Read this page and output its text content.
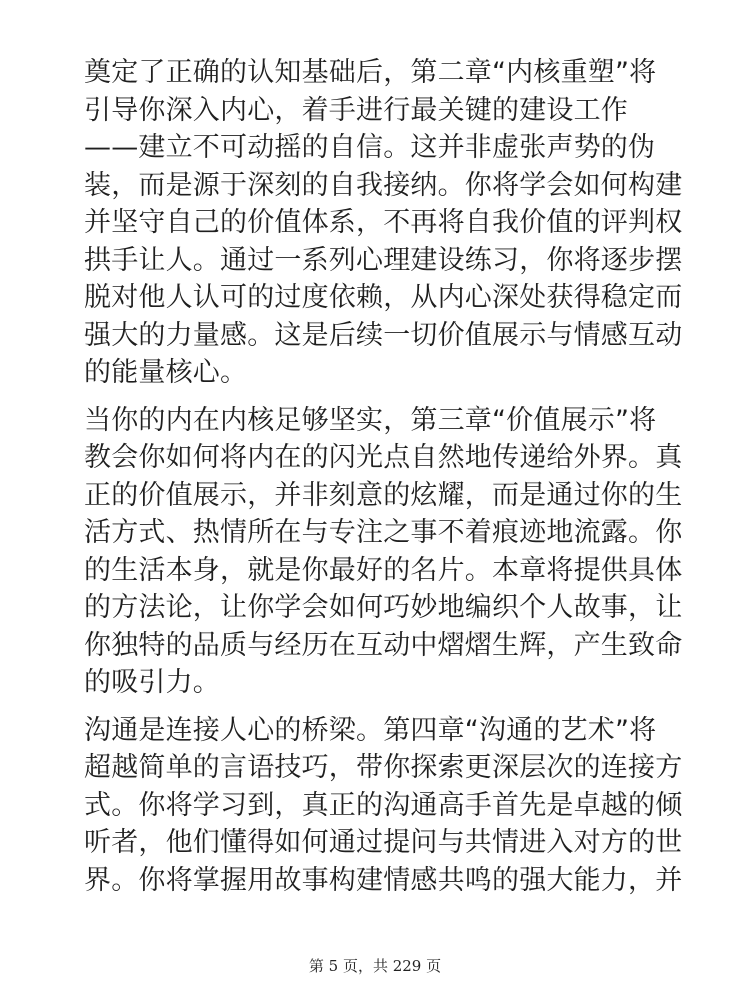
奠定了正确的认知基础后，第二章“内核重塑”将
引导你深入内心，着手进行最关键的建设工作
——建立不可动摇的自信。这并非虚张声势的伪
装，而是源于深刻的自我接纳。你将学会如何构建
并坚守自己的价值体系，不再将自我价值的评判权
拱手让人。通过一系列心理建设练习，你将逐步摆
脱对他人认可的过度依赖，从内心深处获得稳定而
强大的力量感。这是后续一切价值展示与情感互动
的能量核心。
当你的内在内核足够坚实，第三章“价值展示”将
教会你如何将内在的闪光点自然地传递给外界。真
正的价值展示，并非刻意的炫耀，而是通过你的生
活方式、热情所在与专注之事不着痕迹地流露。你
的生活本身，就是你最好的名片。本章将提供具体
的方法论，让你学会如何巧妙地编织个人故事，让
你独特的品质与经历在互动中熠熠生辉，产生致命
的吸引力。
沟通是连接人心的桥梁。第四章“沟通的艺术”将
超越简单的言语技巧，带你探索更深层次的连接方
式。你将学习到，真正的沟通高手首先是卓越的倾
听者，他们懂得如何通过提问与共情进入对方的世
界。你将掌握用故事构建情感共鸣的强大能力，并
第 5 页，共 229 页
